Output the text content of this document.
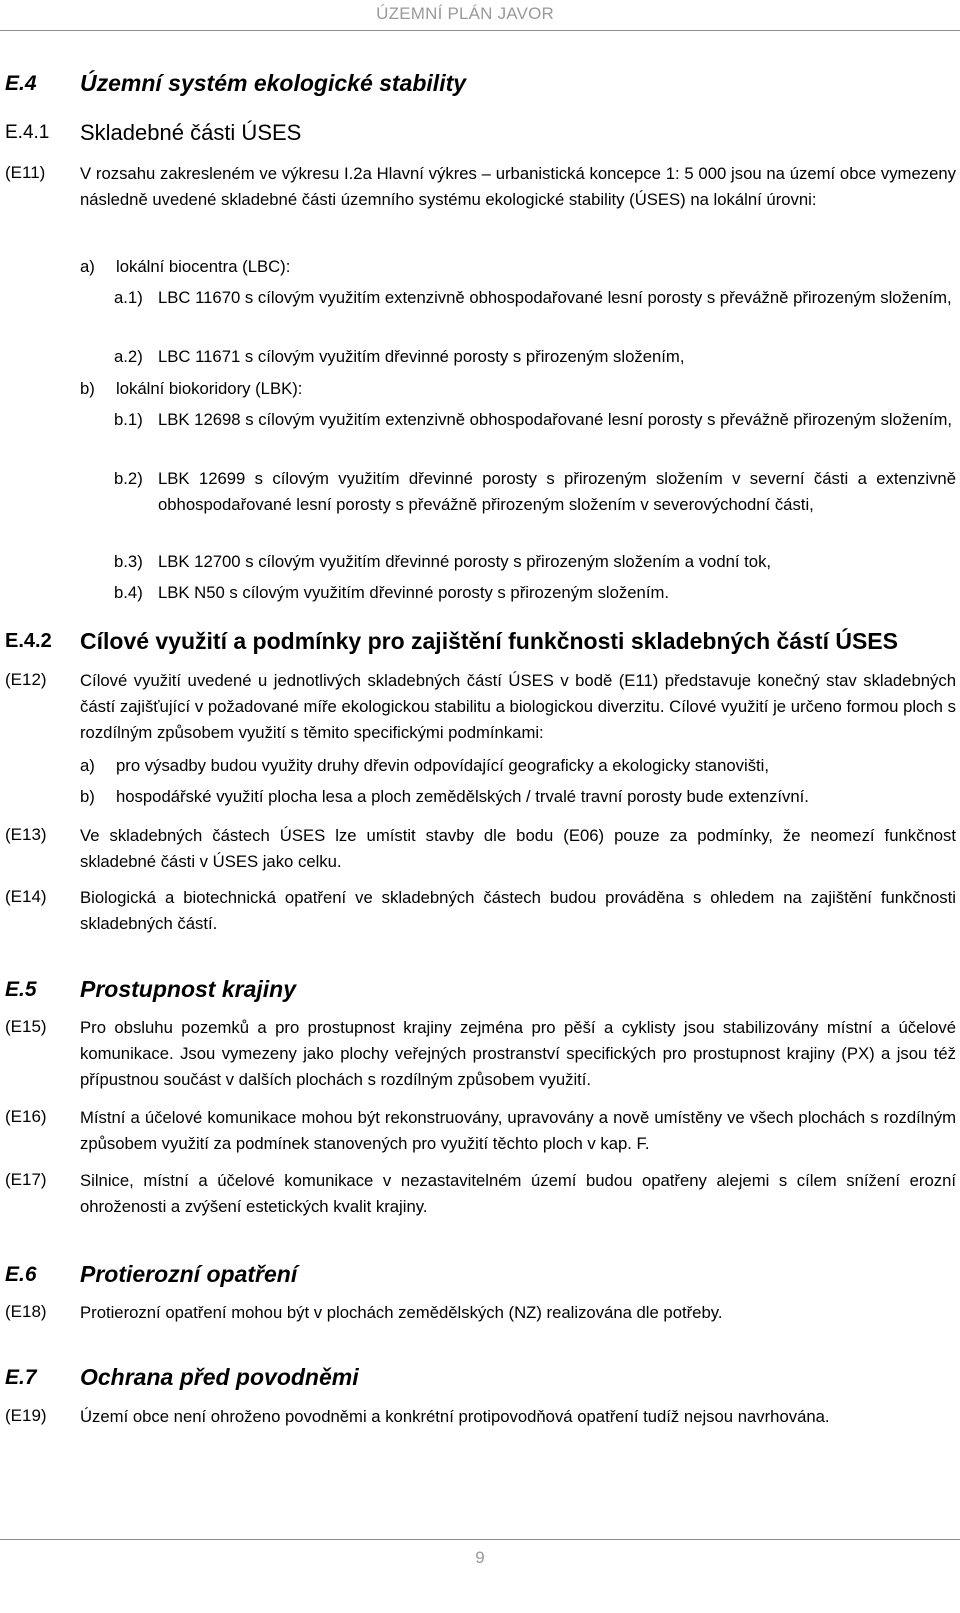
ÚZEMNÍ PLÁN JAVOR
E.4 Územní systém ekologické stability
E.4.1 Skladebné části ÚSES
(E11) V rozsahu zakresleném ve výkresu I.2a Hlavní výkres – urbanistická koncepce 1: 5 000 jsou na území obce vymezeny následně uvedené skladebné části územního systému ekologické stability (ÚSES) na lokální úrovni:
a) lokální biocentra (LBC):
a.1) LBC 11670 s cílovým využitím extenzivně obhospodařované lesní porosty s převážně přirozeným složením,
a.2) LBC 11671 s cílovým využitím dřevinné porosty s přirozeným složením,
b) lokální biokoridory (LBK):
b.1) LBK 12698 s cílovým využitím extenzivně obhospodařované lesní porosty s převážně přirozeným složením,
b.2) LBK 12699 s cílovým využitím dřevinné porosty s přirozeným složením v severní části a extenzivně obhospodařované lesní porosty s převážně přirozeným složením v severovýchodní části,
b.3) LBK 12700 s cílovým využitím dřevinné porosty s přirozeným složením a vodní tok,
b.4) LBK N50 s cílovým využitím dřevinné porosty s přirozeným složením.
E.4.2 Cílové využití a podmínky pro zajištění funkčnosti skladebných částí ÚSES
(E12) Cílové využití uvedené u jednotlivých skladebných částí ÚSES v bodě (E11) představuje konečný stav skladebných částí zajišťující v požadované míře ekologickou stabilitu a biologickou diverzitu. Cílové využití je určeno formou ploch s rozdílným způsobem využití s těmito specifickými podmínkami:
a) pro výsadby budou využity druhy dřevin odpovídající geograficky a ekologicky stanovišti,
b) hospodářské využití plocha lesa a ploch zemědělských / trvalé travní porosty bude extenzívní.
(E13) Ve skladebných částech ÚSES lze umístit stavby dle bodu (E06) pouze za podmínky, že neomezí funkčnost skladebné části v ÚSES jako celku.
(E14) Biologická a biotechnická opatření ve skladebných částech budou prováděna s ohledem na zajištění funkčnosti skladebných částí.
E.5 Prostupnost krajiny
(E15) Pro obsluhu pozemků a pro prostupnost krajiny zejména pro pěší a cyklisty jsou stabilizovány místní a účelové komunikace. Jsou vymezeny jako plochy veřejných prostranství specifických pro prostupnost krajiny (PX) a jsou též přípustnou součást v dalších plochách s rozdílným způsobem využití.
(E16) Místní a účelové komunikace mohou být rekonstruovány, upravovány a nově umístěny ve všech plochách s rozdílným způsobem využití za podmínek stanovených pro využití těchto ploch v kap. F.
(E17) Silnice, místní a účelové komunikace v nezastavitelném území budou opatřeny alejemi s cílem snížení erozní ohroženosti a zvýšení estetických kvalit krajiny.
E.6 Protierozní opatření
(E18) Protierozní opatření mohou být v plochách zemědělských (NZ) realizována dle potřeby.
E.7 Ochrana před povodněmi
(E19) Území obce není ohroženo povodněmi a konkrétní protipovodňová opatření tudíž nejsou navrhována.
9
